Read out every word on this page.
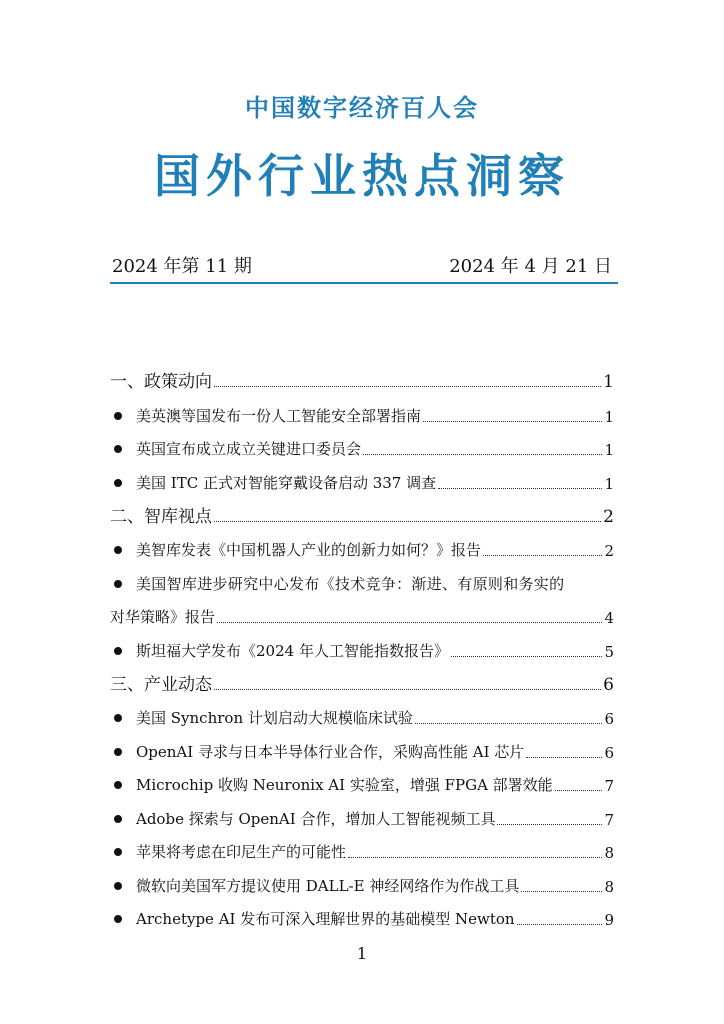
中国数字经济百人会
国外行业热点洞察
2024 年第 11 期	2024 年 4 月 21 日
一、政策动向	1
美英澳等国发布一份人工智能安全部署指南	1
英国宣布成立成立关键进口委员会	1
美国 ITC 正式对智能穿戴设备启动 337 调查	1
二、智库视点	2
美智库发表《中国机器人产业的创新力如何？》报告	2
美国智库进步研究中心发布《技术竞争：渐进、有原则和务实的
对华策略》报告	4
斯坦福大学发布《2024 年人工智能指数报告》	5
三、产业动态	6
美国 Synchron 计划启动大规模临床试验	6
OpenAI 寻求与日本半导体行业合作，采购高性能 AI 芯片	6
Microchip 收购 Neuronix AI 实验室，增强 FPGA 部署效能	7
Adobe 探索与 OpenAI 合作，增加人工智能视频工具	7
苹果将考虑在印尼生产的可能性	8
微软向美国军方提议使用 DALL-E 神经网络作为作战工具	8
Archetype AI 发布可深入理解世界的基础模型 Newton	9
1
